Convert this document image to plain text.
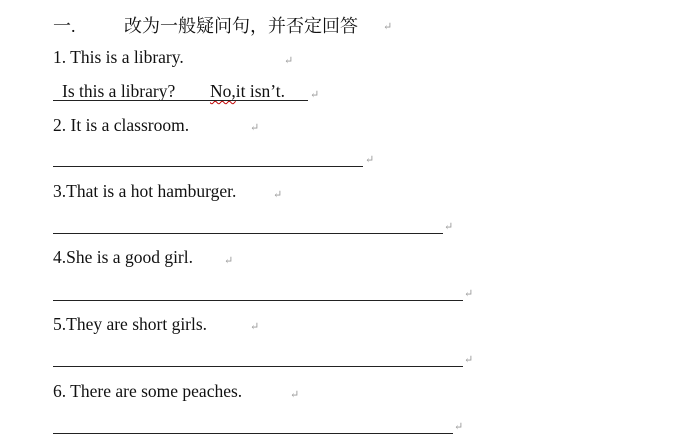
一.	改为一般疑问句，并否定回答 ↵
1. This is a library.	↵
Is this a library? No,it isn’t. ↵
2. It is a classroom.	↵
↵
3.That is a hot hamburger.	↵
↵
4.She is a good girl.	↵
↵
5.They are short girls.	↵
↵
6. There are some peaches.	↵
↵
